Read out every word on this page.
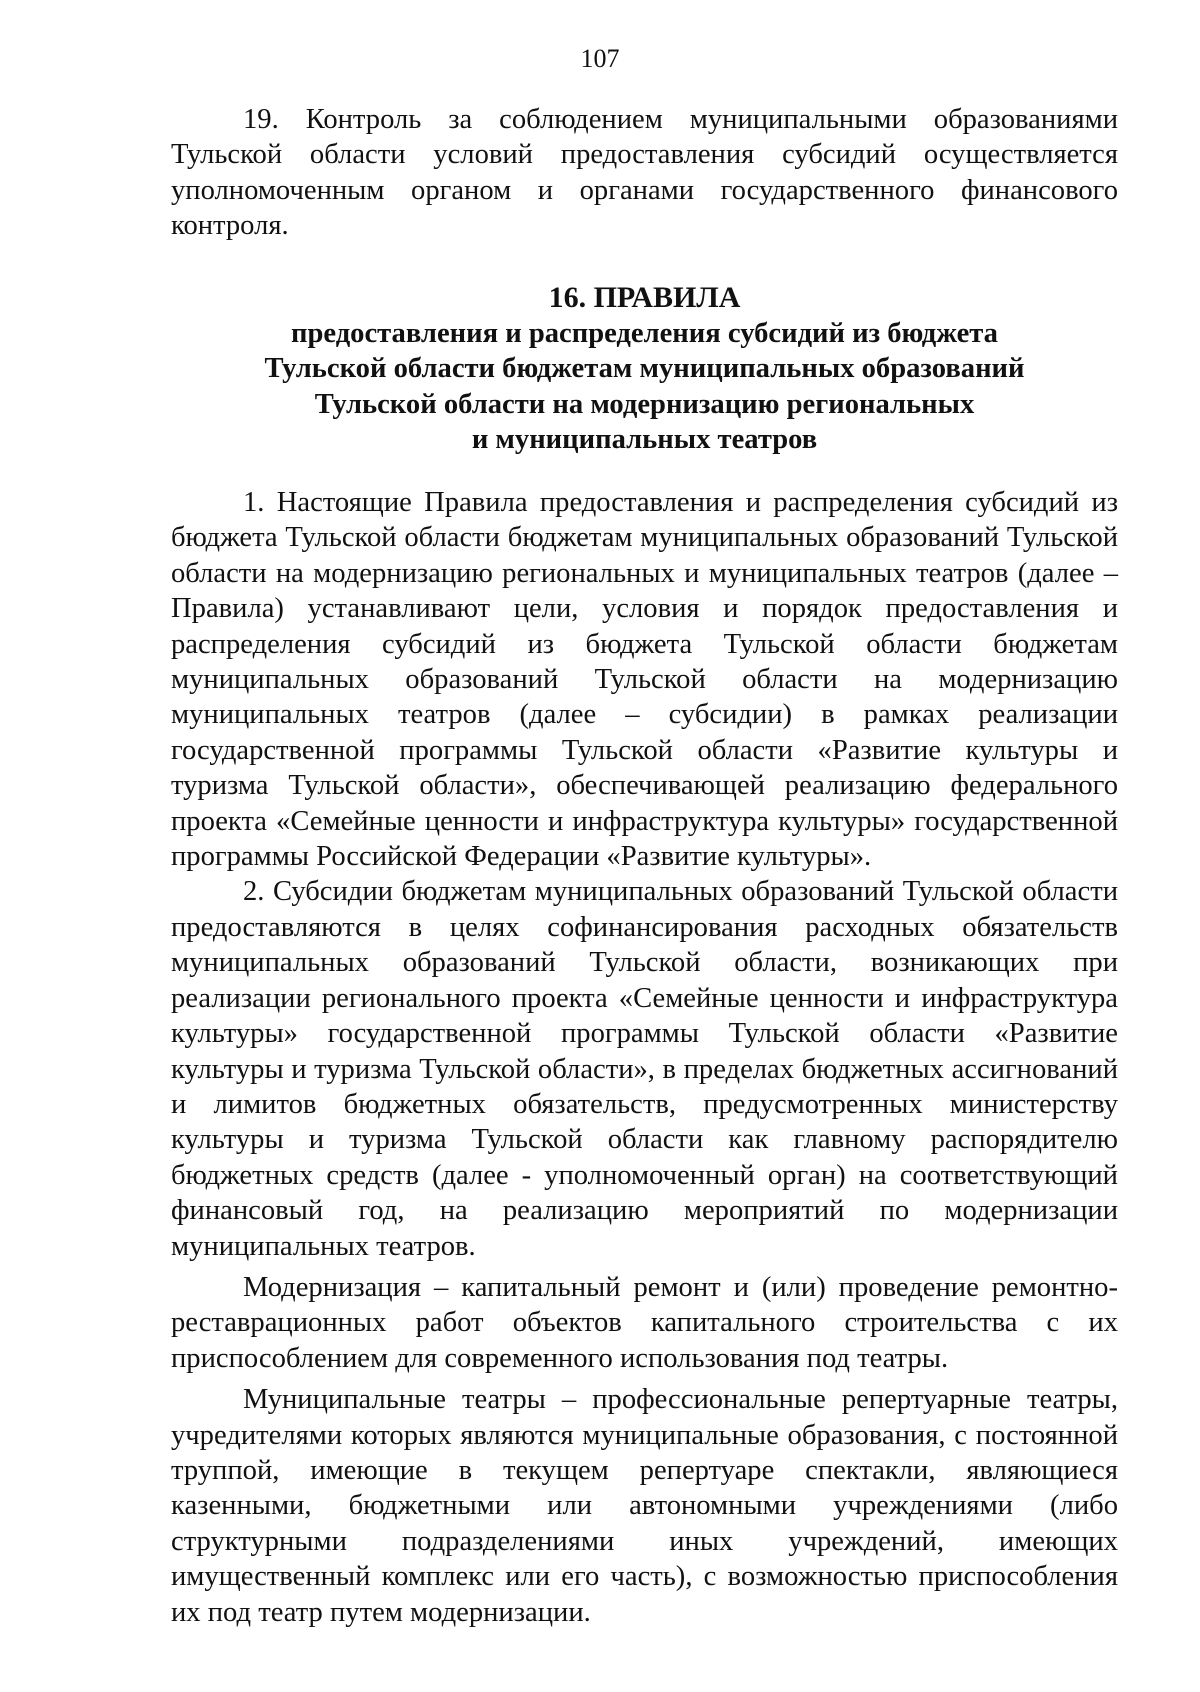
107

19. Контроль за соблюдением муниципальными образованиями Тульской области условий предоставления субсидий осуществляется уполномоченным органом и органами государственного финансового контроля.

16. ПРАВИЛА
предоставления и распределения субсидий из бюджета
Тульской области бюджетам муниципальных образований
Тульской области на модернизацию региональных
и муниципальных театров

1. Настоящие Правила предоставления и распределения субсидий из бюджета Тульской области бюджетам муниципальных образований Тульской области на модернизацию региональных и муниципальных театров (далее – Правила) устанавливают цели, условия и порядок предоставления и распределения субсидий из бюджета Тульской области бюджетам муниципальных образований Тульской области на модернизацию муниципальных театров (далее – субсидии) в рамках реализации государственной программы Тульской области «Развитие культуры и туризма Тульской области», обеспечивающей реализацию федерального проекта «Семейные ценности и инфраструктура культуры» государственной программы Российской Федерации «Развитие культуры».

2. Субсидии бюджетам муниципальных образований Тульской области предоставляются в целях софинансирования расходных обязательств муниципальных образований Тульской области, возникающих при реализации регионального проекта «Семейные ценности и инфраструктура культуры» государственной программы Тульской области «Развитие культуры и туризма Тульской области», в пределах бюджетных ассигнований и лимитов бюджетных обязательств, предусмотренных министерству культуры и туризма Тульской области как главному распорядителю бюджетных средств (далее - уполномоченный орган) на соответствующий финансовый год, на реализацию мероприятий по модернизации муниципальных театров.

Модернизация – капитальный ремонт и (или) проведение ремонтно-реставрационных работ объектов капитального строительства с их приспособлением для современного использования под театры.

Муниципальные театры – профессиональные репертуарные театры, учредителями которых являются муниципальные образования, с постоянной труппой, имеющие в текущем репертуаре спектакли, являющиеся казенными, бюджетными или автономными учреждениями (либо структурными подразделениями иных учреждений, имеющих имущественный комплекс или его часть), с возможностью приспособления их под театр путем модернизации.
